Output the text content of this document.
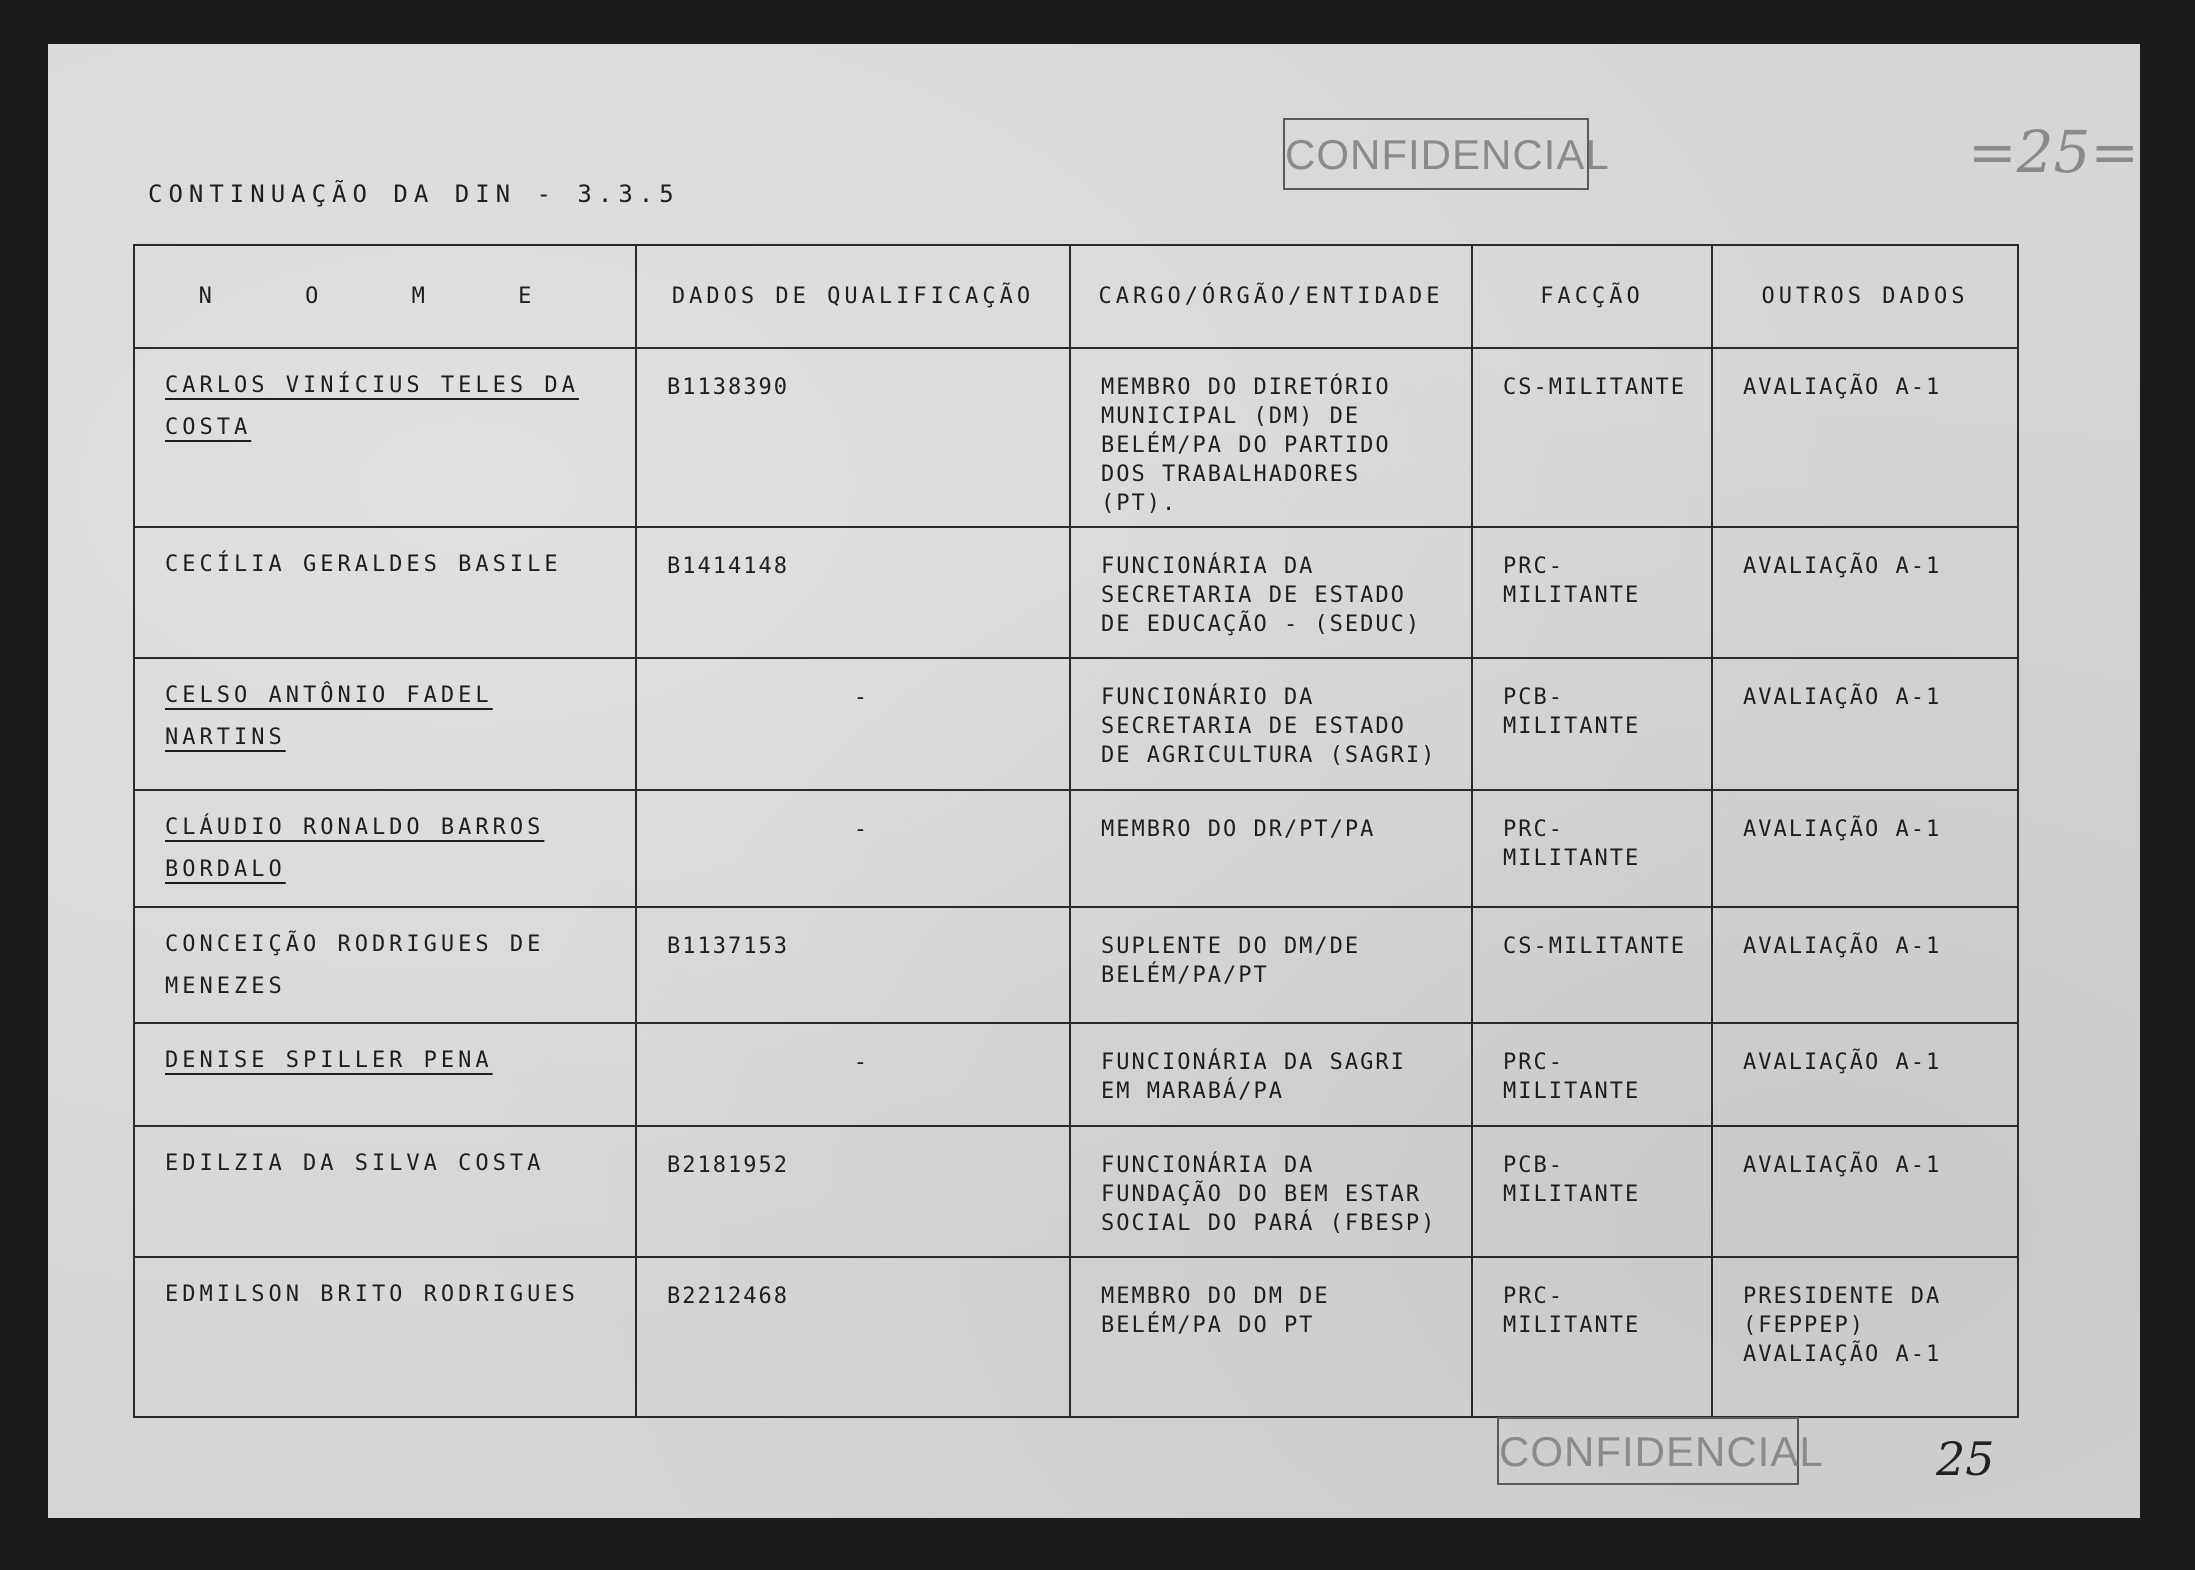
CONTINUAÇÃO DA DIN - 3.3.5
CONFIDENCIAL	=25=
N O M E	DADOS DE QUALIFICAÇÃO	CARGO/ÓRGÃO/ENTIDADE	FACÇÃO	OUTROS DADOS
CARLOS VINÍCIUS TELES DA COSTA	B1138390	MEMBRO DO DIRETÓRIO MUNICIPAL (DM) DE BELÉM/PA DO PARTIDO DOS TRABALHADORES (PT).	CS-MILITANTE	AVALIAÇÃO A-1
CECÍLIA GERALDES BASILE	B1414148	FUNCIONÁRIA DA SECRETARIA DE ESTADO DE EDUCAÇÃO - (SEDUC)	PRC-MILITANTE	AVALIAÇÃO A-1
CELSO ANTÔNIO FADEL NARTINS	-	FUNCIONÁRIO DA SECRETARIA DE ESTADO DE AGRICULTURA (SAGRI)	PCB-MILITANTE	AVALIAÇÃO A-1
CLÁUDIO RONALDO BARROS BORDALO	-	MEMBRO DO DR/PT/PA	PRC-MILITANTE	AVALIAÇÃO A-1
CONCEIÇÃO RODRIGUES DE MENEZES	B1137153	SUPLENTE DO DM/DE BELÉM/PA/PT	CS-MILITANTE	AVALIAÇÃO A-1
DENISE SPILLER PENA	-	FUNCIONÁRIA DA SAGRI EM MARABÁ/PA	PRC-MILITANTE	AVALIAÇÃO A-1
EDILZIA DA SILVA COSTA	B2181952	FUNCIONÁRIA DA FUNDAÇÃO DO BEM ESTAR SOCIAL DO PARÁ (FBESP)	PCB-MILITANTE	AVALIAÇÃO A-1
EDMILSON BRITO RODRIGUES	B2212468	MEMBRO DO DM DE BELÉM/PA DO PT	PRC-MILITANTE	PRESIDENTE DA (FEPPEP) AVALIAÇÃO A-1
CONFIDENCIAL 25
